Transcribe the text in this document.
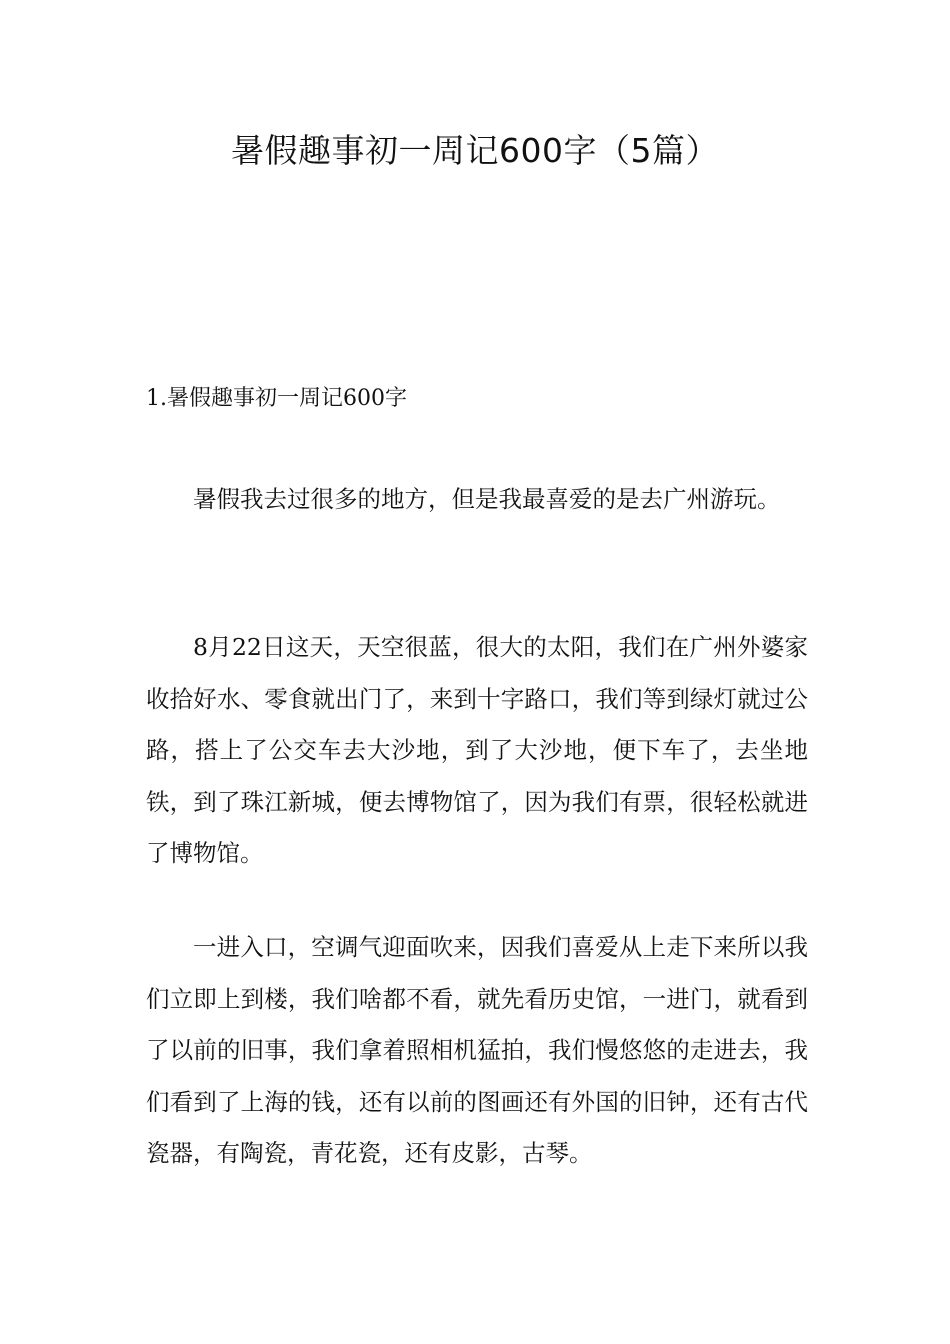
暑假趣事初一周记600字（5篇）
1.暑假趣事初一周记600字

暑假我去过很多的地方，但是我最喜爱的是去广州游玩。

8月22日这天，天空很蓝，很大的太阳，我们在广州外婆家收拾好水、零食就出门了，来到十字路口，我们等到绿灯就过公路，搭上了公交车去大沙地，到了大沙地，便下车了，去坐地铁，到了珠江新城，便去博物馆了，因为我们有票，很轻松就进了博物馆。

一进入口，空调气迎面吹来，因我们喜爱从上走下来所以我们立即上到楼，我们啥都不看，就先看历史馆，一进门，就看到了以前的旧事，我们拿着照相机猛拍，我们慢悠悠的走进去，我们看到了上海的钱，还有以前的图画还有外国的旧钟，还有古代瓷器，有陶瓷，青花瓷，还有皮影，古琴。
